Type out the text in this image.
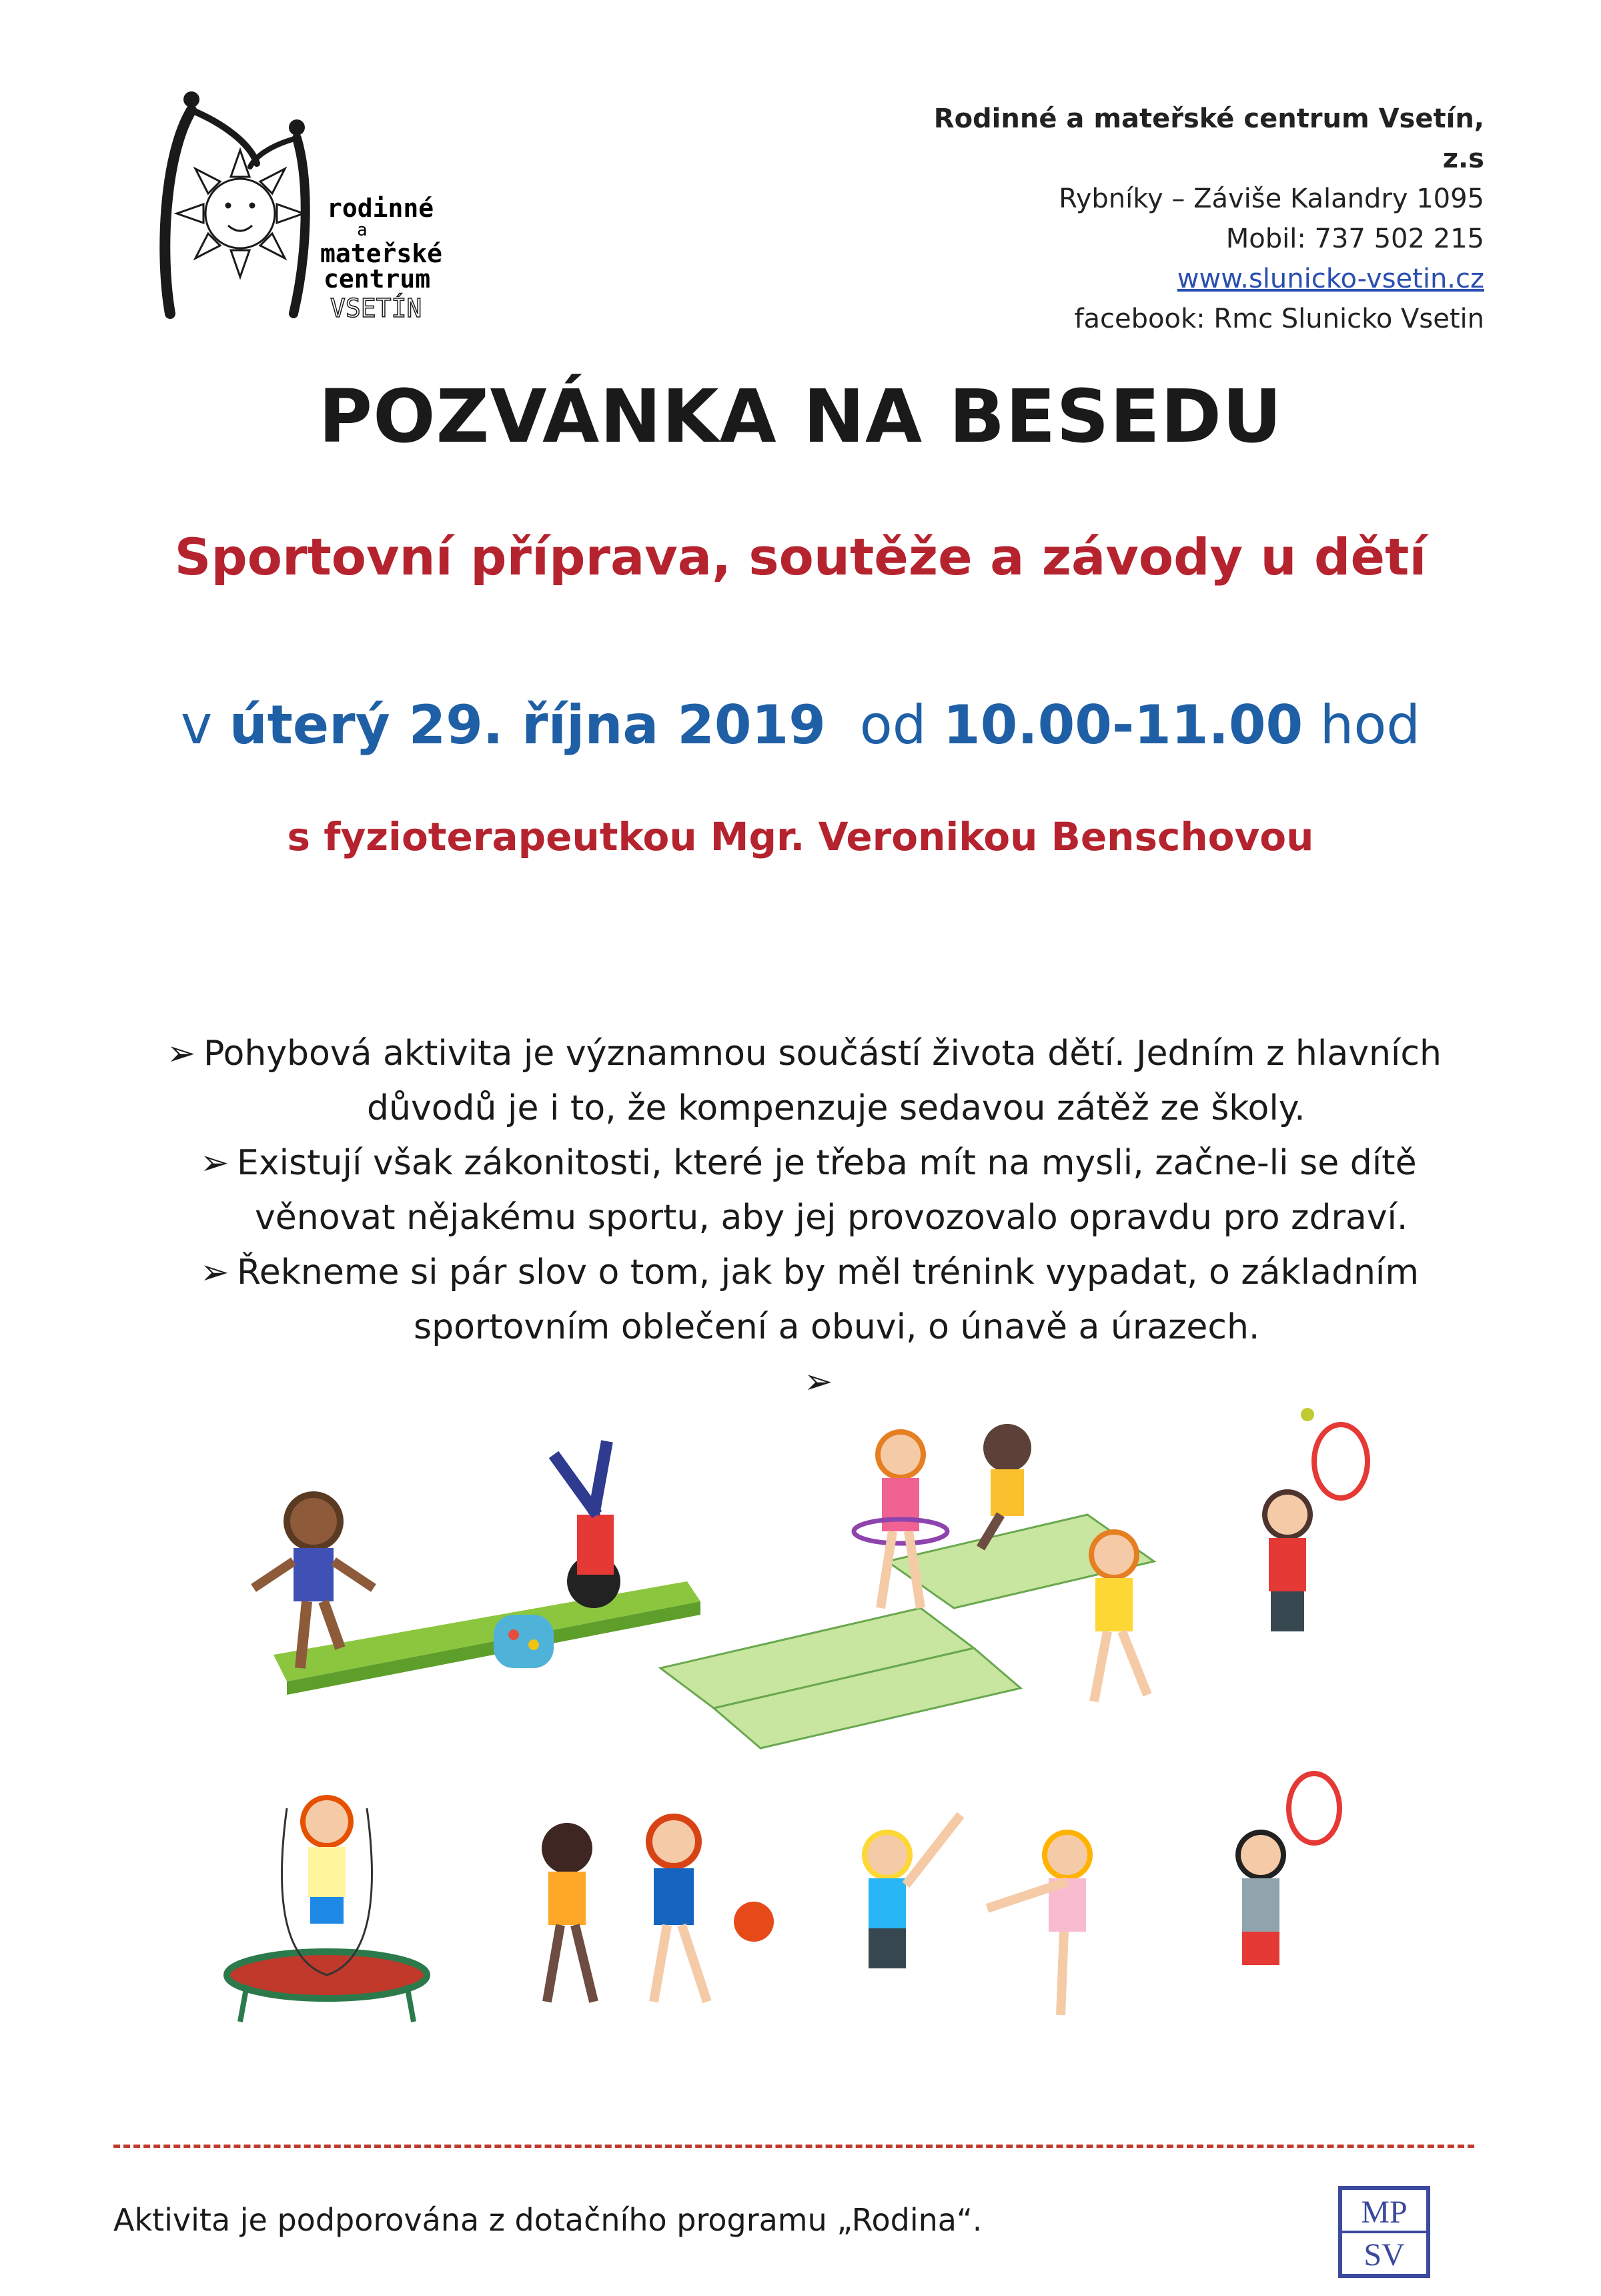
rodinné
a
mateřské
centrum
VSETÍN
Rodinné a mateřské centrum Vsetín, z.s
Rybníky – Záviše Kalandry 1095
Mobil: 737 502 215
www.slunicko-vsetin.cz
facebook: Rmc Slunicko Vsetin
POZVÁNKA NA BESEDU
Sportovní příprava, soutěže a závody u dětí
v úterý 29. října 2019  od 10.00-11.00 hod
s fyzioterapeutkou Mgr. Veronikou Benschovou
➢ Pohybová aktivita je významnou součástí života dětí. Jedním z hlavních
důvodů je i to, že kompenzuje sedavou zátěž ze školy.
➢ Existují však zákonitosti, které je třeba mít na mysli, začne-li se dítě
věnovat nějakému sportu, aby jej provozovalo opravdu pro zdraví.
➢ Řekneme si pár slov o tom, jak by měl trénink vypadat, o základním
sportovním oblečení a obuvi, o únavě a úrazech.
➢
Aktivita je podporována z dotačního programu „Rodina“.	MP
SV
